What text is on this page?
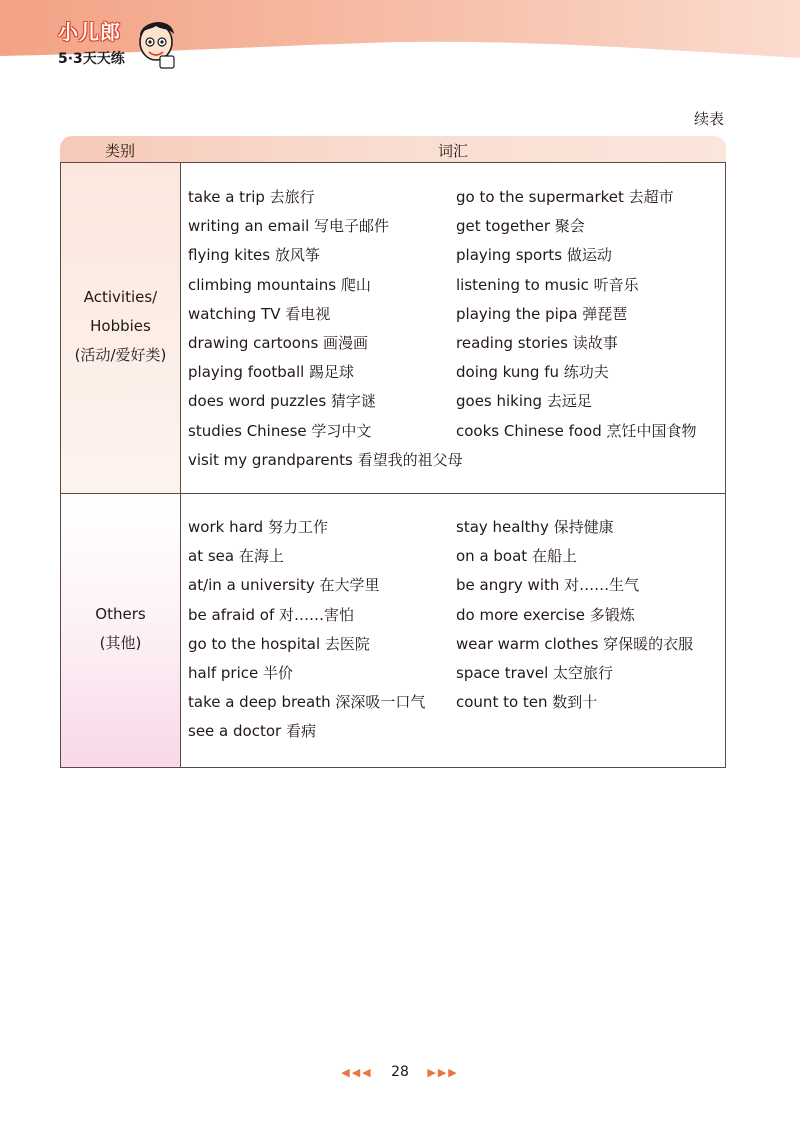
小儿郎
5·3天天练
续表
类别	词汇
Activities/
Hobbies
(活动/爱好类)
Others
(其他)
take a trip 去旅行
writing an email 写电子邮件
flying kites 放风筝
climbing mountains 爬山
watching TV 看电视
drawing cartoons 画漫画
playing football 踢足球
does word puzzles 猜字谜
studies Chinese 学习中文
visit my grandparents 看望我的祖父母
go to the supermarket 去超市
get together 聚会
playing sports 做运动
listening to music 听音乐
playing the pipa 弹琵琶
reading stories 读故事
doing kung fu 练功夫
goes hiking 去远足
cooks Chinese food 烹饪中国食物
work hard 努力工作
at sea 在海上
at/in a university 在大学里
be afraid of 对……害怕
go to the hospital 去医院
half price 半价
take a deep breath 深深吸一口气
see a doctor 看病
stay healthy 保持健康
on a boat 在船上
be angry with 对……生气
do more exercise 多锻炼
wear warm clothes 穿保暖的衣服
space travel 太空旅行
count to ten 数到十
◀◀◀ 28 ▶▶▶
